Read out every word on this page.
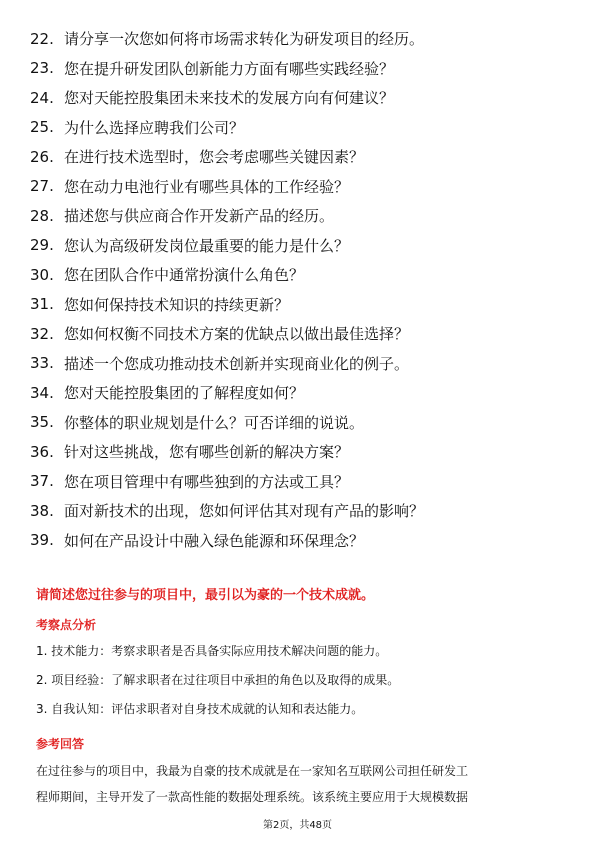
22. 请分享一次您如何将市场需求转化为研发项目的经历。
23. 您在提升研发团队创新能力方面有哪些实践经验？
24. 您对天能控股集团未来技术的发展方向有何建议？
25. 为什么选择应聘我们公司？
26. 在进行技术选型时，您会考虑哪些关键因素？
27. 您在动力电池行业有哪些具体的工作经验？
28. 描述您与供应商合作开发新产品的经历。
29. 您认为高级研发岗位最重要的能力是什么？
30. 您在团队合作中通常扮演什么角色？
31. 您如何保持技术知识的持续更新？
32. 您如何权衡不同技术方案的优缺点以做出最佳选择？
33. 描述一个您成功推动技术创新并实现商业化的例子。
34. 您对天能控股集团的了解程度如何？
35. 你整体的职业规划是什么？可否详细的说说。
36. 针对这些挑战，您有哪些创新的解决方案？
37. 您在项目管理中有哪些独到的方法或工具？
38. 面对新技术的出现，您如何评估其对现有产品的影响？
39. 如何在产品设计中融入绿色能源和环保理念？
请简述您过往参与的项目中，最引以为豪的一个技术成就。
考察点分析
1. 技术能力：考察求职者是否具备实际应用技术解决问题的能力。
2. 项目经验：了解求职者在过往项目中承担的角色以及取得的成果。
3. 自我认知：评估求职者对自身技术成就的认知和表达能力。
参考回答
在过往参与的项目中，我最为自豪的技术成就是在一家知名互联网公司担任研发工
程师期间，主导开发了一款高性能的数据处理系统。该系统主要应用于大规模数据
第2页，共48页
